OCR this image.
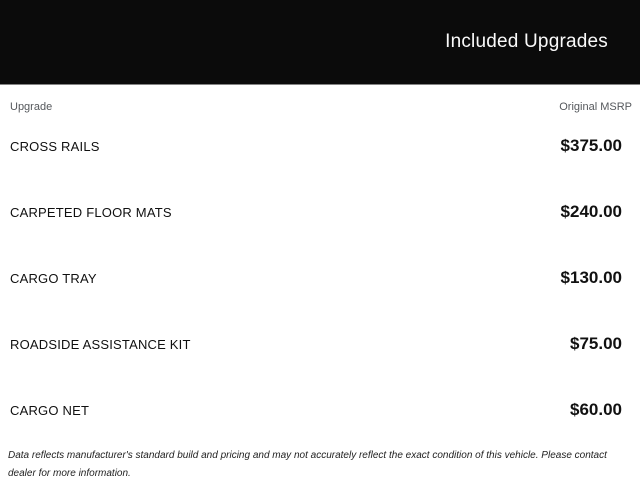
Included Upgrades
Upgrade	Original MSRP
CROSS RAILS	$375.00
CARPETED FLOOR MATS	$240.00
CARGO TRAY	$130.00
ROADSIDE ASSISTANCE KIT	$75.00
CARGO NET	$60.00
Data reflects manufacturer's standard build and pricing and may not accurately reflect the exact condition of this vehicle. Please contact dealer for more information.
